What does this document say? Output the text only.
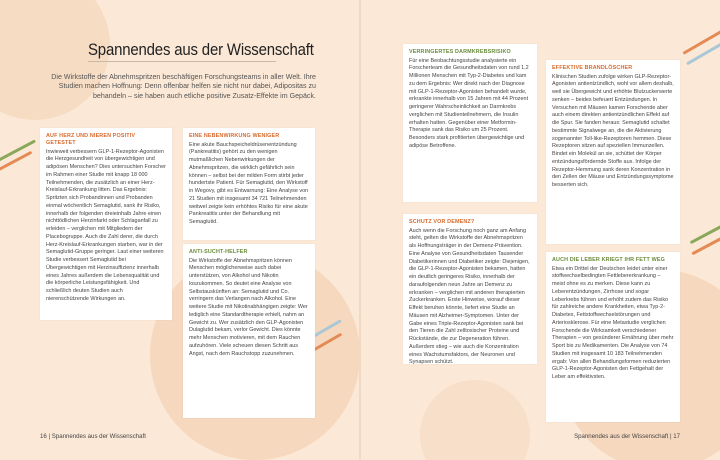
Spannendes aus der Wissenschaft
Die Wirkstoffe der Abnehmspritzen beschäftigen Forschungsteams in aller Welt. Ihre Studien machen Hoffnung: Denn offenbar helfen sie nicht nur dabei, Adipositas zu behandeln – sie haben auch etliche positive Zusatz-Effekte im Gepäck.
AUF HERZ UND NIEREN POSITIV GETESTET

Inwieweit verbessern GLP-1-Rezeptor-Agonisten die Herzgesundheit von übergewichtigen und adipösen Menschen? Dies untersuchten Forscher im Rahmen einer Studie mit knapp 18 000 Teilnehmenden, die zusätzlich an einer Herz-Kreislauf-Erkrankung litten. Das Ergebnis: Spritzten sich Probandinnen und Probanden einmal wöchentlich Semaglutid, sank ihr Risiko, innerhalb der folgenden dreieinhalb Jahre einen nichttödlichen Herzinfarkt oder Schlaganfall zu erleiden – verglichen mit Mitgliedern der Placebogruppe. Auch die Zahl derer, die durch Herz-Kreislauf-Erkrankungen starben, war in der Semaglutid-Gruppe geringer. Laut einer weiteren Studie verbessert Semaglutid bei Übergewichtigen mit Herzinsuffizienz innerhalb eines Jahres außerdem die Lebensqualität und die körperliche Leistungsfähigkeit. Und schließlich deuten Studien auch nierenschützende Wirkungen an.

EINE NEBENWIRKUNG WENIGER

Eine akute Bauchspeicheldrüsenentzündung (Pankreatitis) gehört zu den wenigen mutmaßlichen Nebenwirkungen der Abnehmspritzen, die wirklich gefährlich sein können – selbst bei der milden Form stirbt jeder hundertste Patient. Für Semaglutid, den Wirkstoff in Wegovy, gibt es Entwarnung: Eine Analyse von 21 Studien mit insgesamt 34 721 Teilnehmenden weitwel zeigte kein erhöhtes Risiko für eine akute Pankreatitis unter der Behandlung mit Semaglutid.

ANTI-SUCHT-HELFER

Die Wirkstoffe der Abnehmspritzen können Menschen möglicherweise auch dabei unterstützen, von Alkohol und Nikotin loszukommen. So deutet eine Analyse von Selbstauskünften an: Semaglutid und Co. verringern das Verlangen nach Alkohol. Eine weitere Studie mit Nikotinabhängigen zeigte: Wer lediglich eine Standardtherapie erhielt, nahm an Gewicht zu. Wer zusätzlich den GLP-Agonisten Dulaglutid bekam, verlor Gewicht. Dies könnte mehr Menschen motivieren, mit dem Rauchen aufzuhören. Viele scheuen diesen Schritt aus Angst, nach dem Rauchstopp zuzunehmen.

VERRINGERTES DARMKREBSRISIKO

Für eine Beobachtungsstudie analysierte ein Forscherteam die Gesundheitsdaten von rund 1,2 Millionen Menschen mit Typ-2-Diabetes und kam zu dem Ergebnis: Wer direkt nach der Diagnose mit GLP-1-Rezeptor-Agonisten behandelt wurde, erkrankte innerhalb von 15 Jahren mit 44 Prozent geringerer Wahrscheinlichkeit an Darmkrebs verglichen mit Studienteilnehmern, die Insulin erhalten hatten. Gegenüber einer Metformin-Therapie sank das Risiko um 25 Prozent. Besonders stark profitierten übergewichtige und adipöse Betroffene.

SCHUTZ VOR DEMENZ?

Auch wenn die Forschung noch ganz am Anfang steht, gelten die Wirkstoffe der Abnehmspritzen als Hoffnungsträger in der Demenz-Prävention. Eine Analyse von Gesundheitsdaten Tausender Diabetikerinnen und Diabetiker zeigte: Diejenigen, die GLP-1-Rezeptor-Agonisten bekamen, hatten ein deutlich geringeres Risiko, innerhalb der daraufolgenden neun Jahre an Demenz zu erkranken – verglichen mit anderen therapierten Zuckerkranken. Erste Hinweise, worauf dieser Effekt beruhen könnte, liefert eine Studie an Mäusen mit Alzheimer-Symptomen. Unter der Gabe eines Triple-Rezeptor-Agonisten sank bei den Tieren die Zahl zelltoxischer Proteine und Rückstände, die zur Degeneration führen. Außerdem stieg – wie auch die Konzentration eines Wachstumsfaktors, der Neuronen und Synapsen schützt.

EFFEKTIVE BRANDLÖSCHER

Klinischen Studien zufolge wirken GLP-Rezeptor-Agonisten antientzündlich, wohl vor allem deshalb, weil sie Übergewicht und erhöhte Blutzuckerwerte senken – beides befeuert Entzündungen. In Versuchen mit Mäusen kamen Forschende aber auch einem direkten antientzündlichen Effekt auf die Spur. Sie fanden heraus: Semaglutid schaltet bestimmte Signalwege an, die die Aktivierung sogenannter Toll-like-Rezeptoren hemmen. Diese Rezeptoren sitzen auf speziellen Immunzellen. Bindet ein Molekül an sie, schüttet der Körper entzündungsfördernde Stoffe aus. Infolge der Rezeptor-Hemmung sank deren Konzentration in den Zellen der Mäuse und Entzündungssymptome besserten sich.

AUCH DIE LEBER KRIEGT IHR FETT WEG

Etwa ein Drittel der Deutschen leidet unter einer stoffwechselbedingten Fettlebererkrankung – meist ohne es zu merken. Diese kann zu Leberentzündungen, Zirrhose und sogar Leberkrebs führen und erhöht zudem das Risiko für zahlreiche andere Krankheiten, etwa Typ-2-Diabetes, Fettstoffwechselstörungen und Arteriosklerose. Für eine Metastudie verglichen Forschende die Wirksamkeit verschiedener Therapien – von gesünderer Ernährung über mehr Sport bis zu Medikamenten. Die Analyse von 74 Studien mit insgesamt 10 183 Teilnehmenden ergab: Von allen Behandlungsformen reduzierten GLP-1-Rezeptor-Agonisten den Fettgehalt der Leber am effektivsten.

16 | Spannendes aus der Wissenschaft	Spannendes aus der Wissenschaft | 17
